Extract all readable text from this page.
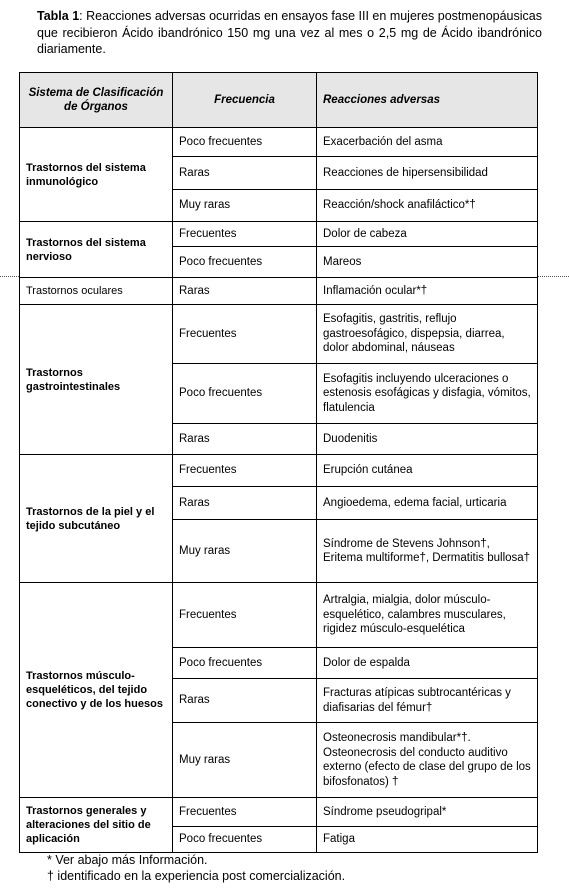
Tabla 1: Reacciones adversas ocurridas en ensayos fase III en mujeres postmenopáusicas que recibieron Ácido ibandrónico 150 mg una vez al mes o 2,5 mg de Ácido ibandrónico diariamente.
Sistema de Clasificación de Órganos	Frecuencia	Reacciones adversas
Trastornos del sistema inmunológico	Poco frecuentes	Exacerbación del asma
	Raras	Reacciones de hipersensibilidad
	Muy raras	Reacción/shock anafiláctico*†
Trastornos del sistema nervioso	Frecuentes	Dolor de cabeza
	Poco frecuentes	Mareos
Trastornos oculares	Raras	Inflamación ocular*†
Trastornos gastrointestinales	Frecuentes	Esofagitis, gastritis, reflujo gastroesofágico, dispepsia, diarrea, dolor abdominal, náuseas
	Poco frecuentes	Esofagitis incluyendo ulceraciones o estenosis esofágicas y disfagia, vómitos, flatulencia
	Raras	Duodenitis
Trastornos de la piel y el tejido subcutáneo	Frecuentes	Erupción cutánea
	Raras	Angioedema, edema facial, urticaria
	Muy raras	Síndrome de Stevens Johnson†, Eritema multiforme†, Dermatitis bullosa†
Trastornos músculo-esqueléticos, del tejido conectivo y de los huesos	Frecuentes	Artralgia, mialgia, dolor músculo-esquelético, calambres musculares, rigidez músculo-esquelética
	Poco frecuentes	Dolor de espalda
	Raras	Fracturas atípicas subtrocantéricas y diafisarias del fémur†
	Muy raras	Osteonecrosis mandibular*†. Osteonecrosis del conducto auditivo externo (efecto de clase del grupo de los bifosfonatos) †
Trastornos generales y alteraciones del sitio de aplicación	Frecuentes	Síndrome pseudogripal*
	Poco frecuentes	Fatiga
* Ver abajo más Información.
† identificado en la experiencia post comercialización.
